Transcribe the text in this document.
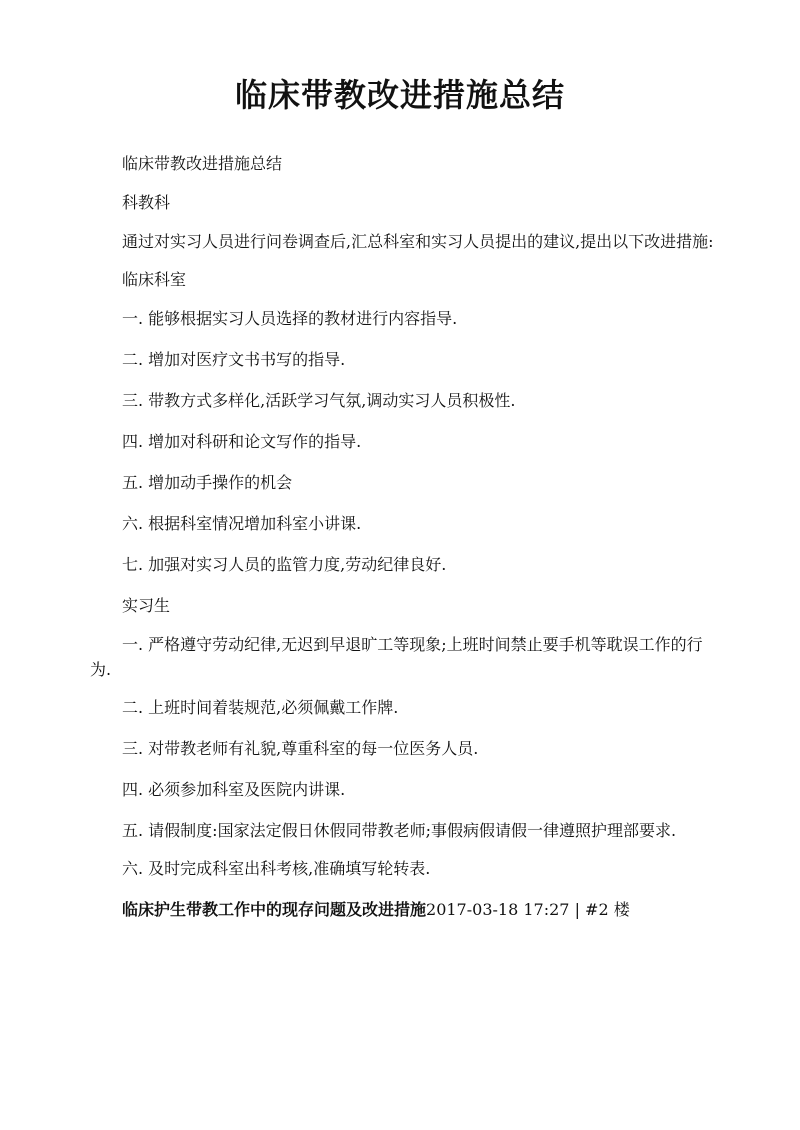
临床带教改进措施总结

临床带教改进措施总结

科教科

通过对实习人员进行问卷调查后,汇总科室和实习人员提出的建议,提出以下改进措施:

临床科室

一. 能够根据实习人员选择的教材进行内容指导.

二. 增加对医疗文书书写的指导.

三. 带教方式多样化,活跃学习气氛,调动实习人员积极性.

四. 增加对科研和论文写作的指导.

五. 增加动手操作的机会

六. 根据科室情况增加科室小讲课.

七. 加强对实习人员的监管力度,劳动纪律良好.

实习生

一. 严格遵守劳动纪律,无迟到早退旷工等现象;上班时间禁止要手机等耽误工作的行为.

二. 上班时间着装规范,必须佩戴工作牌.

三. 对带教老师有礼貌,尊重科室的每一位医务人员.

四. 必须参加科室及医院内讲课.

五. 请假制度:国家法定假日休假同带教老师;事假病假请假一律遵照护理部要求.

六. 及时完成科室出科考核,准确填写轮转表.

临床护生带教工作中的现存问题及改进措施2017-03-18 17:27 | #2 楼
